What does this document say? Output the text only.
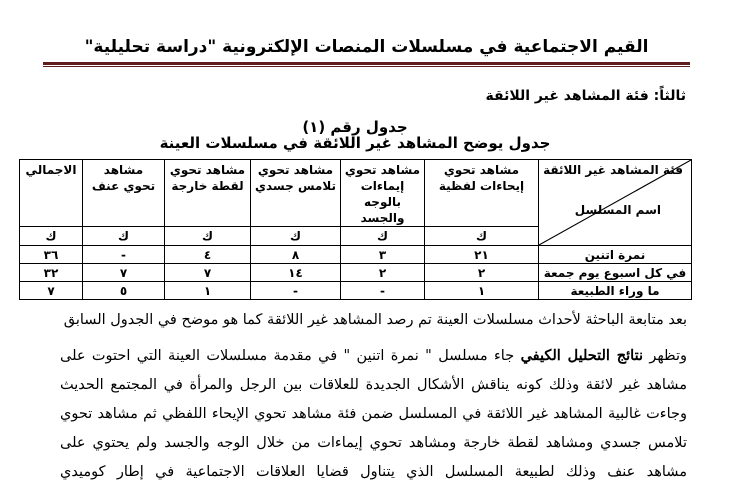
القيم الاجتماعية في مسلسلات المنصات الإلكترونية "دراسة تحليلية"
ثالثاً: فئة المشاهد غير اللائقة
جدول رقم (١)
جدول يوضح المشاهد غير اللائقة في مسلسلات العينة
فئة المشاهد غير اللائقة
اسم المسلسل

مشاهد تحوي
إيحاءات لفظية

مشاهد تحوي
إيماءات بالوجه
والجسد

مشاهد تحوي
تلامس جسدي

مشاهد تحوي
لقطة خارجة

مشاهد
تحوي عنف

الاجمالي

	ك	ك	ك	ك	ك	ك
نمرة اتنين	٢١	٣	٨	٤	-	٣٦
في كل اسبوع يوم جمعة	٢	٢	١٤	٧	٧	٣٢
ما وراء الطبيعة	١	-	-	١	٥	٧
بعد متابعة الباحثة لأحداث مسلسلات العينة تم رصد المشاهد غير اللائقة كما هو موضح في الجدول السابق
وتظهر نتائج التحليل الكيفي جاء مسلسل " نمرة اتنين " في مقدمة مسلسلات العينة التي احتوت على
مشاهد غير لائقة وذلك كونه يناقش الأشكال الجديدة للعلاقات بين الرجل والمرأة في المجتمع الحديث
وجاءت غالبية المشاهد غير اللائقة في المسلسل ضمن فئة مشاهد تحوي الإيحاء اللفظي ثم مشاهد تحوي
تلامس جسدي ومشاهد لقطة خارجة ومشاهد تحوي إيماءات من خلال الوجه والجسد ولم يحتوي على
مشاهد عنف وذلك لطبيعة المسلسل الذي يتناول قضايا العلاقات الاجتماعية في إطار كوميدي
